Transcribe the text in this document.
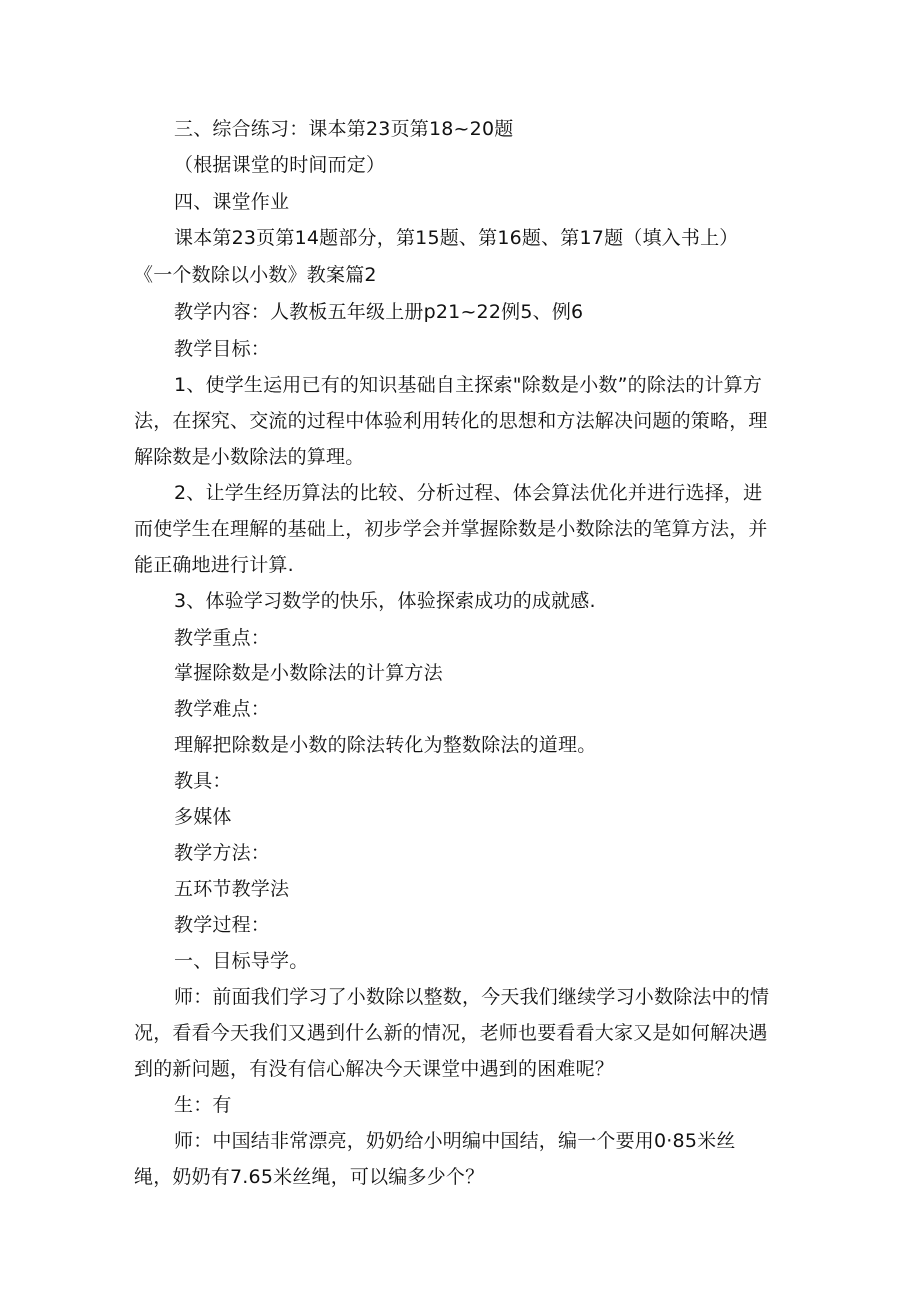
三、综合练习：课本第23页第18~20题
（根据课堂的时间而定）
四、课堂作业
课本第23页第14题部分，第15题、第16题、第17题（填入书上）
《一个数除以小数》教案篇2
教学内容：人教板五年级上册p21~22例5、例6
教学目标：
1、使学生运用已有的知识基础自主探索"除数是小数”的除法的计算方
法，在探究、交流的过程中体验利用转化的思想和方法解决问题的策略，理
解除数是小数除法的算理。
2、让学生经历算法的比较、分析过程、体会算法优化并进行选择，进
而使学生在理解的基础上，初步学会并掌握除数是小数除法的笔算方法，并
能正确地进行计算.
3、体验学习数学的快乐，体验探索成功的成就感.
教学重点：
掌握除数是小数除法的计算方法
教学难点：
理解把除数是小数的除法转化为整数除法的道理。
教具：
多媒体
教学方法：
五环节教学法
教学过程：
一、目标导学。
师：前面我们学习了小数除以整数，今天我们继续学习小数除法中的情
况，看看今天我们又遇到什么新的情况，老师也要看看大家又是如何解决遇
到的新问题，有没有信心解决今天课堂中遇到的困难呢？
生：有
师：中国结非常漂亮，奶奶给小明编中国结，编一个要用0·85米丝
绳，奶奶有7.65米丝绳，可以编多少个？
